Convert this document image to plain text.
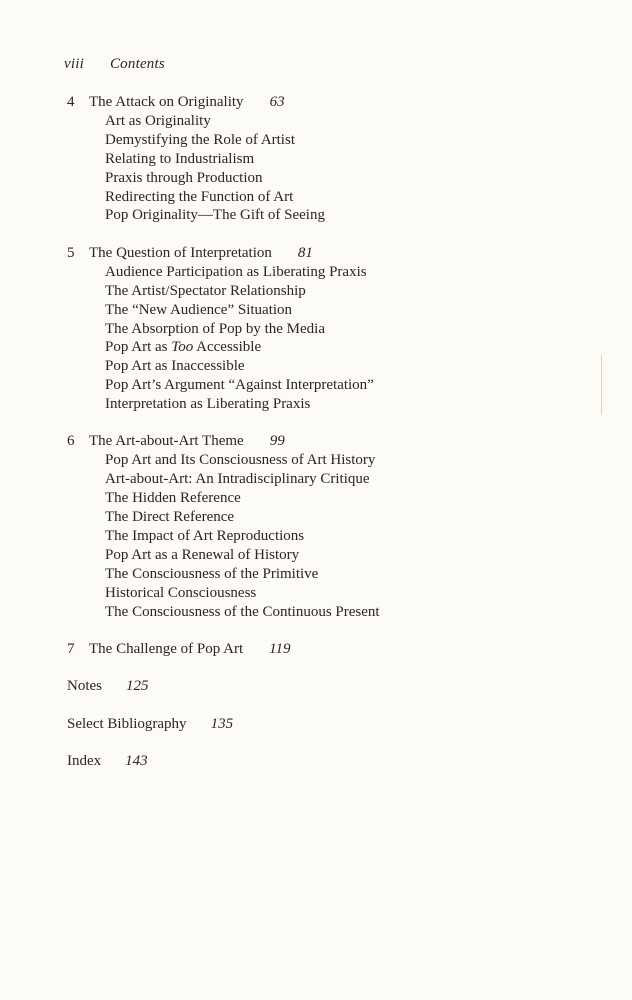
viii Contents
4 The Attack on Originality 63
Art as Originality
Demystifying the Role of Artist
Relating to Industrialism
Praxis through Production
Redirecting the Function of Art
Pop Originality—The Gift of Seeing
5 The Question of Interpretation 81
Audience Participation as Liberating Praxis
The Artist/Spectator Relationship
The “New Audience” Situation
The Absorption of Pop by the Media
Pop Art as Too Accessible
Pop Art as Inaccessible
Pop Art’s Argument “Against Interpretation”
Interpretation as Liberating Praxis
6 The Art-about-Art Theme 99
Pop Art and Its Consciousness of Art History
Art-about-Art: An Intradisciplinary Critique
The Hidden Reference
The Direct Reference
The Impact of Art Reproductions
Pop Art as a Renewal of History
The Consciousness of the Primitive
Historical Consciousness
The Consciousness of the Continuous Present
7 The Challenge of Pop Art 119
Notes 125
Select Bibliography 135
Index 143
